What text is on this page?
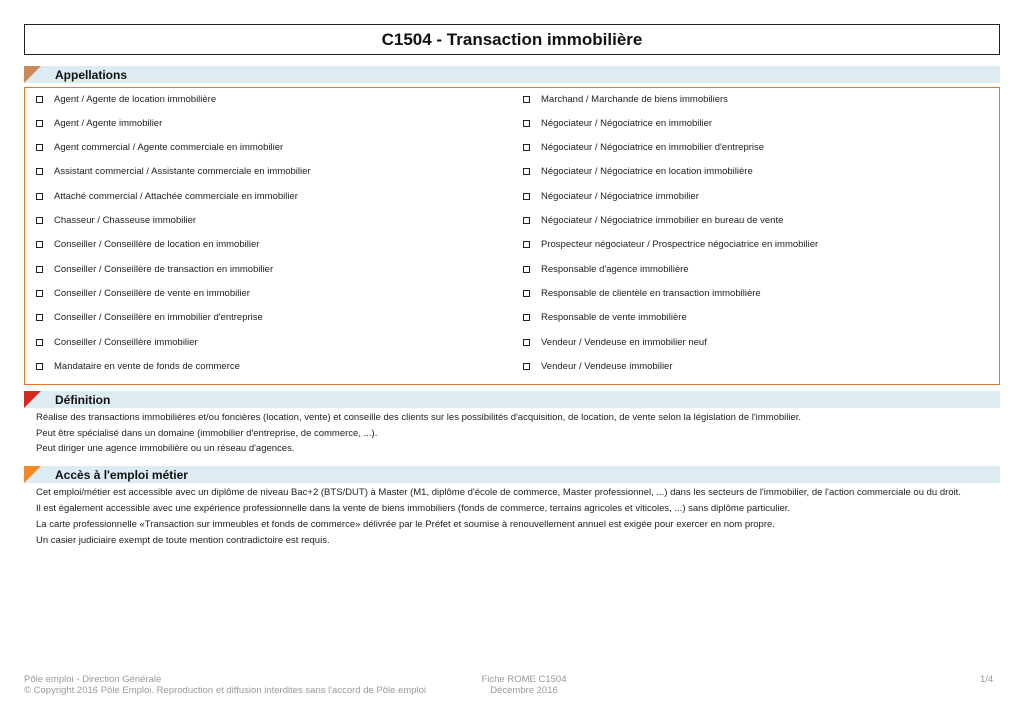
C1504 - Transaction immobilière
Appellations
Agent / Agente de location immobilière
Agent / Agente immobilier
Agent commercial / Agente commerciale en immobilier
Assistant commercial / Assistante commerciale en immobilier
Attaché commercial / Attachée commerciale en immobilier
Chasseur / Chasseuse immobilier
Conseiller / Conseillère de location en immobilier
Conseiller / Conseillère de transaction en immobilier
Conseiller / Conseillère de vente en immobilier
Conseiller / Conseillère en immobilier d'entreprise
Conseiller / Conseillère immobilier
Mandataire en vente de fonds de commerce
Marchand / Marchande de biens immobiliers
Négociateur / Négociatrice en immobilier
Négociateur / Négociatrice en immobilier d'entreprise
Négociateur / Négociatrice en location immobilière
Négociateur / Négociatrice immobilier
Négociateur / Négociatrice immobilier en bureau de vente
Prospecteur négociateur / Prospectrice négociatrice en immobilier
Responsable d'agence immobilière
Responsable de clientèle en transaction immobilière
Responsable de vente immobilière
Vendeur / Vendeuse en immobilier neuf
Vendeur / Vendeuse immobilier
Définition
Réalise des transactions immobilières et/ou foncières (location, vente) et conseille des clients sur les possibilités d'acquisition, de location, de vente selon la législation de l'immobilier.
Peut être spécialisé dans un domaine (immobilier d'entreprise, de commerce, ...).
Peut diriger une agence immobilière ou un réseau d'agences.
Accès à l'emploi métier
Cet emploi/métier est accessible avec un diplôme de niveau Bac+2 (BTS/DUT) à Master (M1, diplôme d'école de commerce, Master professionnel, ...) dans les secteurs de l'immobilier, de l'action commerciale ou du droit.
Il est également accessible avec une expérience professionnelle dans la vente de biens immobiliers (fonds de commerce, terrains agricoles et viticoles, ...) sans diplôme particulier.
La carte professionnelle «Transaction sur immeubles et fonds de commerce» délivrée par le Préfet et soumise à renouvellement annuel est exigée pour exercer en nom propre.
Un casier judiciaire exempt de toute mention contradictoire est requis.
Pôle emploi - Direction Générale
© Copyright 2016 Pôle Emploi. Reproduction et diffusion interdites sans l'accord de Pôle emploi
Fiche ROME C1504
Décembre 2016
1/4
